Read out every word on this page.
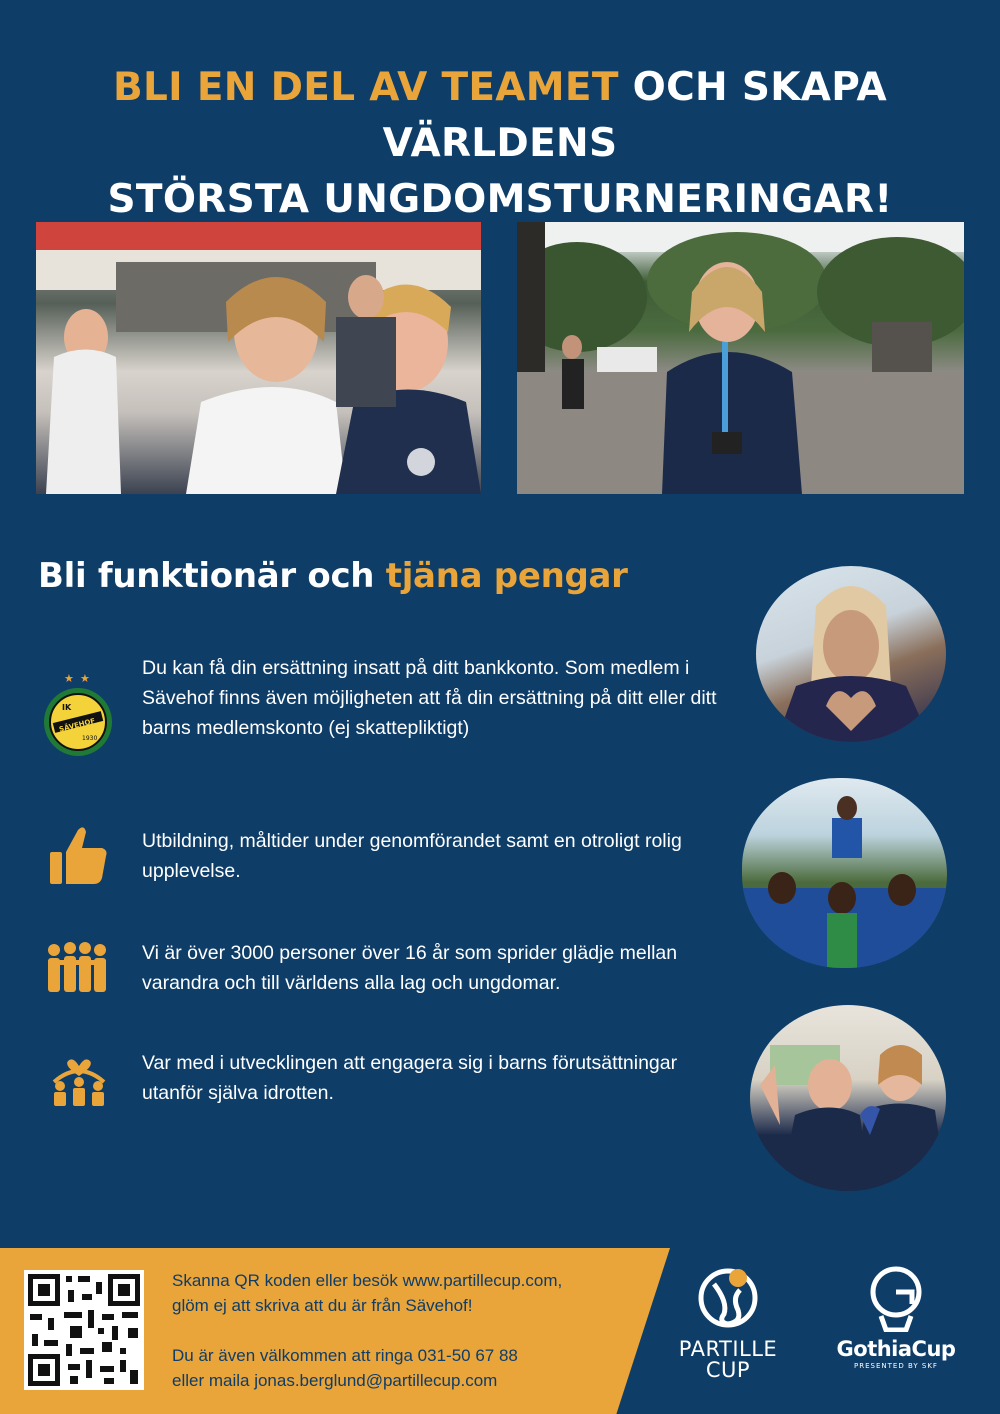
BLI EN DEL AV TEAMET OCH SKAPA VÄRLDENS
STÖRSTA UNGDOMSTURNERINGAR!
Bli funktionär och tjäna pengar
★ ★
IK
SÄVEHOF
1930
Du kan få din ersättning insatt på ditt bankkonto. Som medlem i Sävehof finns även möjligheten att få din ersättning på ditt eller ditt barns medlemskonto (ej skattepliktigt)
Utbildning, måltider under genomförandet samt en otroligt rolig upplevelse.
Vi är över 3000 personer över 16 år som sprider glädje mellan varandra och till världens alla lag och ungdomar.
Var med i utvecklingen att engagera sig i barns förutsättningar utanför själva idrotten.
Skanna QR koden eller besök www.partillecup.com,
glöm ej att skriva att du är från Sävehof!
Du är även välkommen att ringa 031-50 67 88
eller maila jonas.berglund@partillecup.com
PARTILLE
CUP
GothiaCup
PRESENTED BY SKF
